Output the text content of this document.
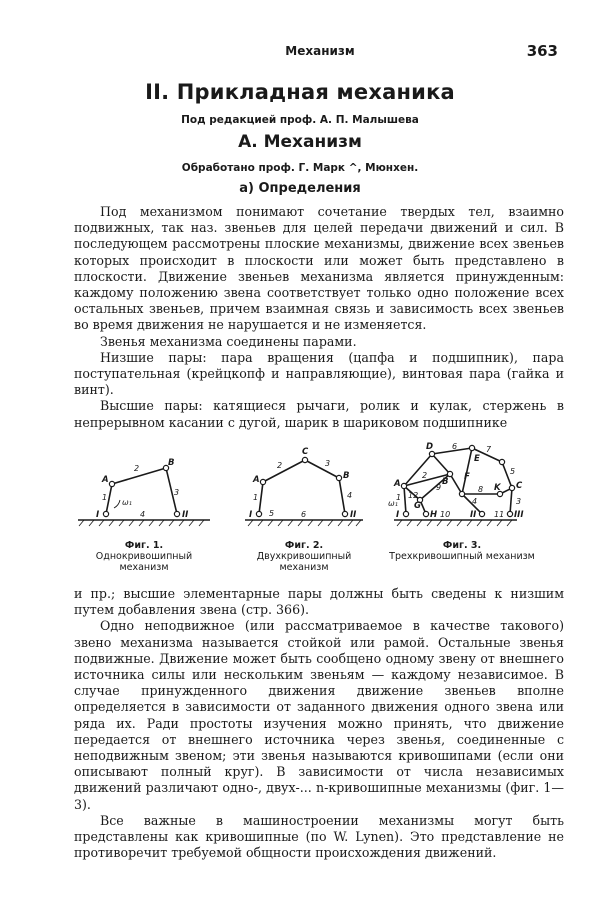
Механизм	363
II. Прикладная механика
Под редакцией проф. А. П. Малышева
А. Механизм
Обработано проф. Г. Марк ^, Мюнхен.
а) Определения

Под механизмом понимают сочетание твердых тел, взаимно подвижных, так наз. звеньев для целей передачи движений и сил. В последующем рассмотрены плоские механизмы, движение всех звеньев которых происходит в плоскости или может быть представлено в плоскости. Движение звеньев механизма является принужденным: каждому положению звена соответствует только одно положение всех остальных звеньев, причем взаимная связь и зависимость всех звеньев во время движения не нарушается и не изменяется.

Звенья механизма соединены парами.

Низшие пары: пара вращения (цапфа и подшипник), пара поступательная (крейцкопф и направляющие), винтовая пара (гайка и винт).

Высшие пары: катящиеся рычаги, ролик и кулак, стержень в непрерывном касании с дугой, шарик в шариковом подшипнике

A
2
B
ω₁
3
1
4	II
I
Фиг. 1.
Однокривошипный механизм
C
2	3
A	B
1	4
5
I	6	II
Фиг. 2.
Двухкривошипный механизм
D 6
E
7
F
5
C
B
2
8 K
A
12
9
G	4	3
ω₁
I
1
10
H	11
II	III
Фиг. 3.
Трехкривошипный механизм

и пр.; высшие элементарные пары должны быть сведены к низшим путем добавления звена (стр. 366).

Одно неподвижное (или рассматриваемое в качестве такового) звено механизма называется стойкой или рамой. Остальные звенья подвижные. Движение может быть сообщено одному звену от внешнего источника силы или нескольким звеньям — каждому независимое. В случае принужденного движения движение звеньев вполне определяется в зависимости от заданного движения одного звена или ряда их. Ради простоты изучения можно принять, что движение передается от внешнего источника через звенья, соединенные с неподвижным звеном; эти звенья называются кривошипами (если они описывают полный круг). В зависимости от числа независимых движений различают одно-, двух-... n-кривошипные механизмы (фиг. 1—3).

Все важные в машиностроении механизмы могут быть представлены как кривошипные (по W. Lynen). Это представление не противоречит требуемой общности происхождения движений.
